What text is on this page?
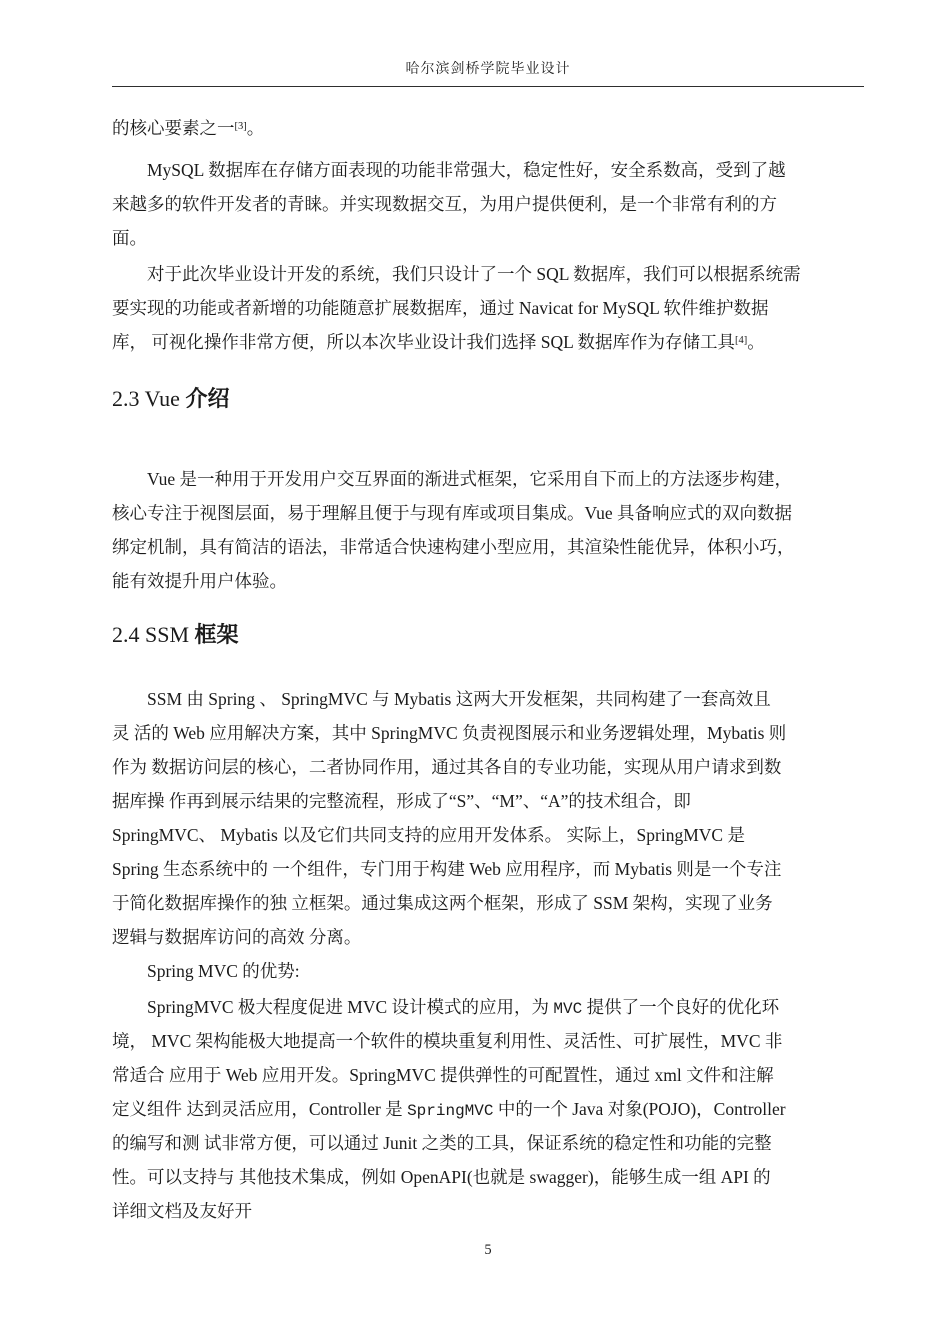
哈尔滨剑桥学院毕业设计
的核心要素之一[3]。
MySQL 数据库在存储方面表现的功能非常强大，稳定性好，安全系数高，受到了越
来越多的软件开发者的青睐。并实现数据交互，为用户提供便利，是一个非常有利的方
面。
对于此次毕业设计开发的系统，我们只设计了一个 SQL 数据库，我们可以根据系统需
要实现的功能或者新增的功能随意扩展数据库，通过 Navicat for MySQL 软件维护数据
库， 可视化操作非常方便，所以本次毕业设计我们选择 SQL 数据库作为存储工具[4]。
2.3 Vue 介绍
Vue 是一种用于开发用户交互界面的渐进式框架，它采用自下而上的方法逐步构建，
核心专注于视图层面，易于理解且便于与现有库或项目集成。Vue 具备响应式的双向数据
绑定机制，具有简洁的语法，非常适合快速构建小型应用，其渲染性能优异，体积小巧，
能有效提升用户体验。
2.4 SSM 框架
SSM 由 Spring 、 SpringMVC 与 Mybatis 这两大开发框架，共同构建了一套高效且
灵 活的 Web 应用解决方案，其中 SpringMVC 负责视图展示和业务逻辑处理，Mybatis 则
作为 数据访问层的核心，二者协同作用，通过其各自的专业功能，实现从用户请求到数
据库操 作再到展示结果的完整流程，形成了“S”、“M”、“A”的技术组合，即
SpringMVC、 Mybatis 以及它们共同支持的应用开发体系。 实际上，SpringMVC 是
Spring 生态系统中的 一个组件，专门用于构建 Web 应用程序，而 Mybatis 则是一个专注
于简化数据库操作的独 立框架。通过集成这两个框架，形成了 SSM 架构，实现了业务
逻辑与数据库访问的高效 分离。
Spring MVC 的优势:
SpringMVC 极大程度促进 MVC 设计模式的应用，为 MVC 提供了一个良好的优化环
境， MVC 架构能极大地提高一个软件的模块重复利用性、灵活性、可扩展性，MVC 非
常适合 应用于 Web 应用开发。SpringMVC 提供弹性的可配置性，通过 xml 文件和注解
定义组件 达到灵活应用，Controller 是 SpringMVC 中的一个 Java 对象(POJO)，Controller
的编写和测 试非常方便，可以通过 Junit 之类的工具，保证系统的稳定性和功能的完整
性。可以支持与 其他技术集成，例如 OpenAPI(也就是 swagger)，能够生成一组 API 的
详细文档及友好开
5
